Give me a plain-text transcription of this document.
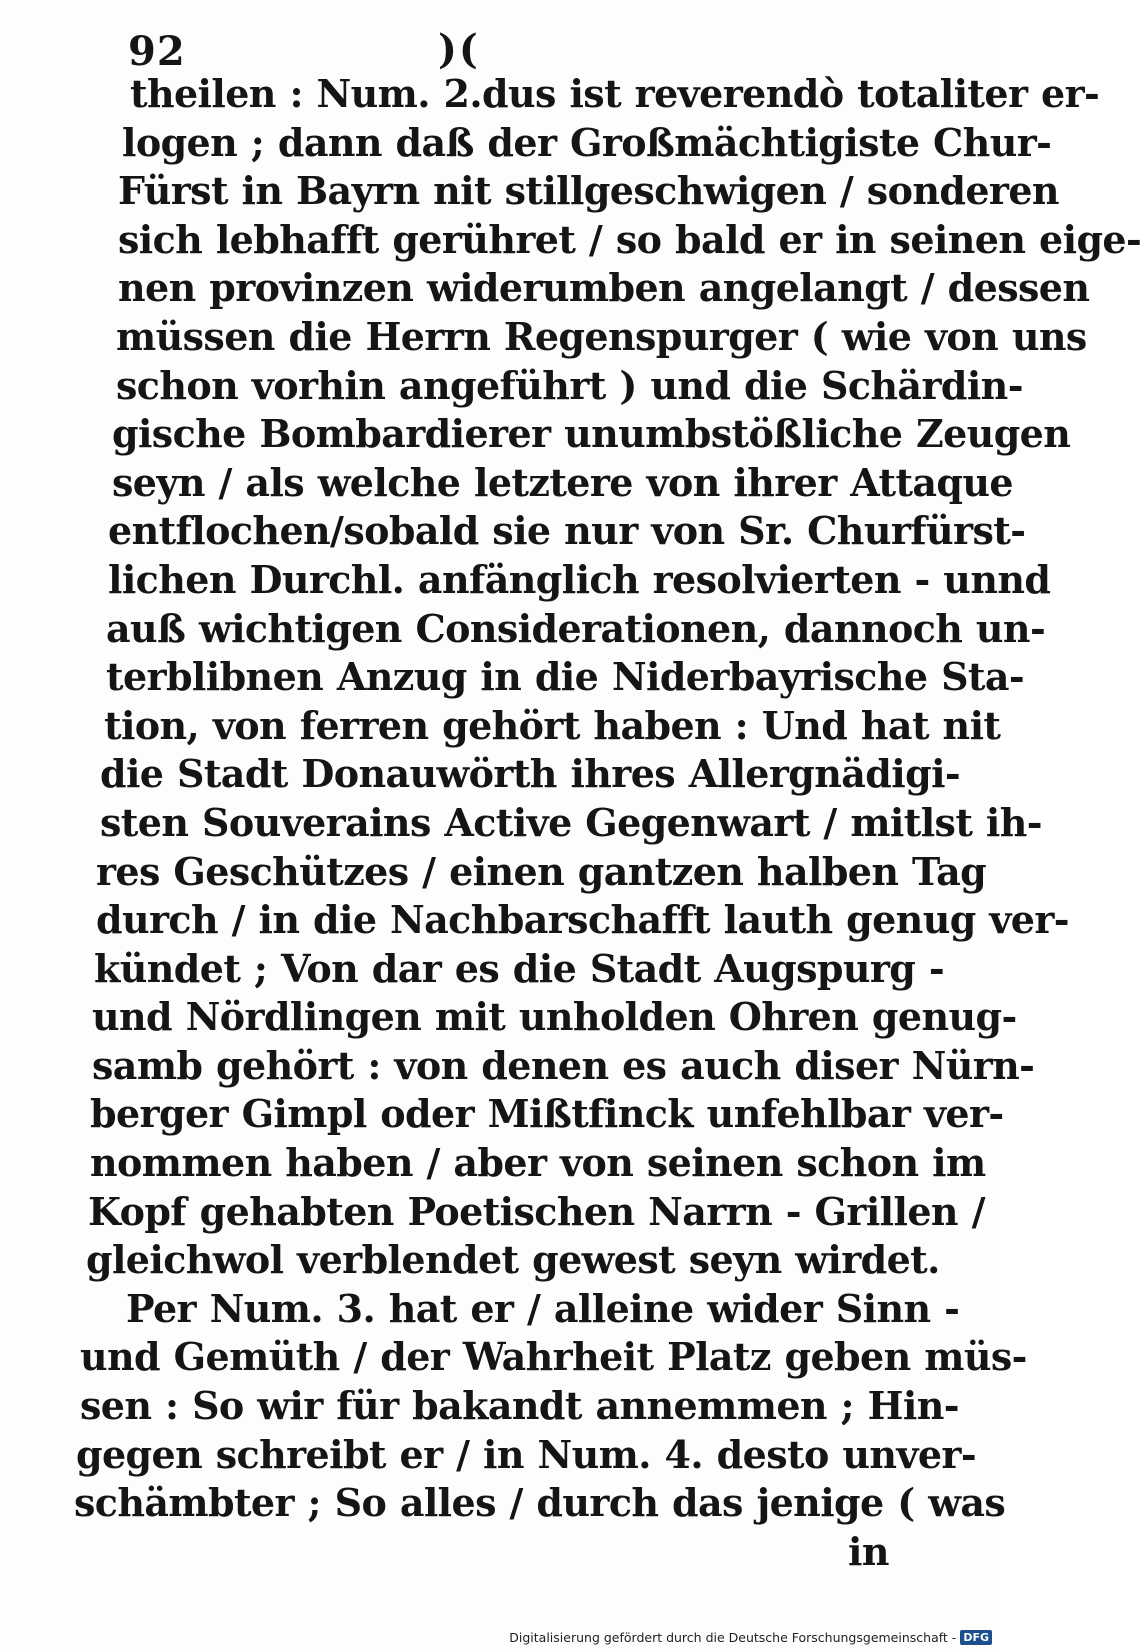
92	)(
theilen : Num. 2.dus ist reverendò totaliter er-
logen ; dann daß der Großmächtigiste Chur-
Fürst in Bayrn nit stillgeschwigen / sonderen
sich lebhafft gerühret / so bald er in seinen eige-
nen provinzen widerumben angelangt / dessen
müssen die Herrn Regenspurger ( wie von uns
schon vorhin angeführt ) und die Schärdin-
gische Bombardierer unumbstößliche Zeugen
seyn / als welche letztere von ihrer Attaque
entflochen/sobald sie nur von Sr. Churfürst-
lichen Durchl. anfänglich resolvierten - unnd
auß wichtigen Considerationen, dannoch un-
terblibnen Anzug in die Niderbayrische Sta-
tion, von ferren gehört haben : Und hat nit
die Stadt Donauwörth ihres Allergnädigi-
sten Souverains Active Gegenwart / mitlst ih-
res Geschützes / einen gantzen halben Tag
durch / in die Nachbarschafft lauth genug ver-
kündet ; Von dar es die Stadt Augspurg -
und Nördlingen mit unholden Ohren genug-
samb gehört : von denen es auch diser Nürn-
berger Gimpl oder Mißtfinck unfehlbar ver-
nommen haben / aber von seinen schon im
Kopf gehabten Poetischen Narrn - Grillen /
gleichwol verblendet gewest seyn wirdet.
Per Num. 3. hat er / alleine wider Sinn -
und Gemüth / der Wahrheit Platz geben müs-
sen : So wir für bakandt annemmen ; Hin-
gegen schreibt er / in Num. 4. desto unver-
schämbter ; So alles / durch das jenige ( was
in
Digitalisierung gefördert durch die Deutsche Forschungsgemeinschaft - DFG
